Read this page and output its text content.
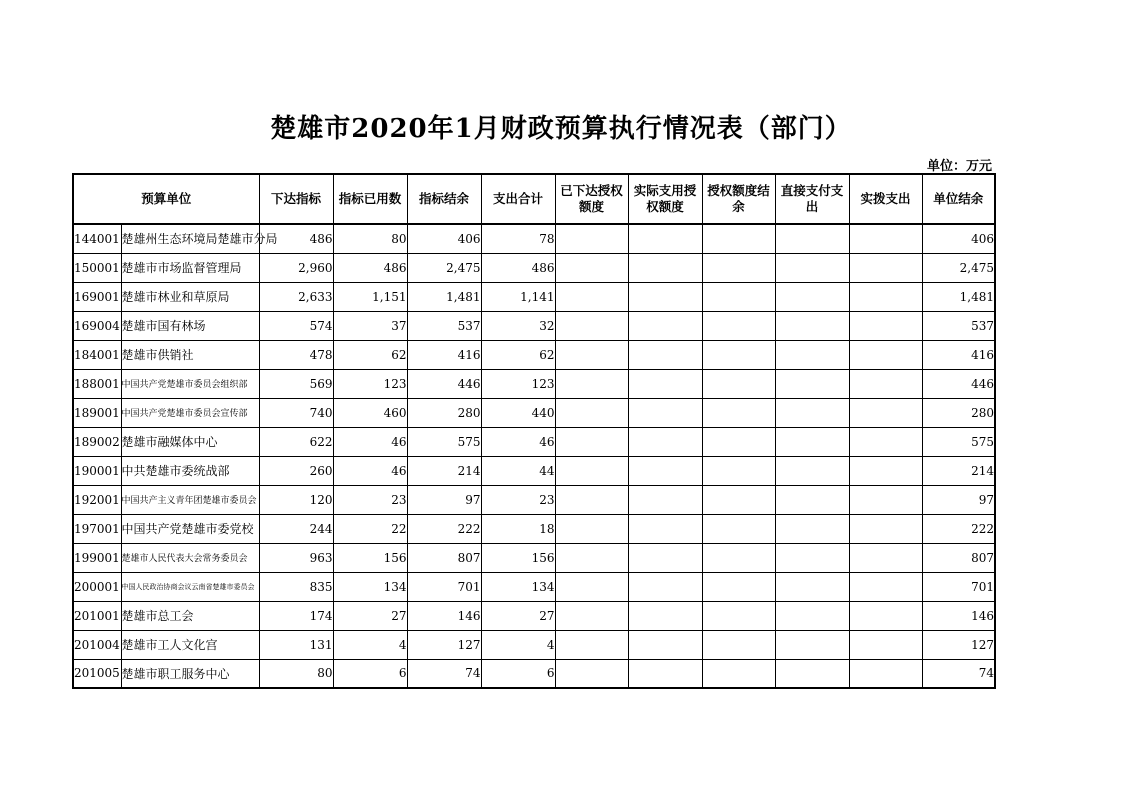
楚雄市2020年1月财政预算执行情况表（部门）
单位：万元
预算单位		下达指标	指标已用数	指标结余	支出合计	已下达授权额度	实际支用授权额度	授权额度结余	直接支付支出	实拨支出	单位结余
144001	楚雄州生态环境局楚雄市分局	486	80	406	78						406
150001	楚雄市市场监督管理局	2,960	486	2,475	486						2,475
169001	楚雄市林业和草原局	2,633	1,151	1,481	1,141						1,481
169004	楚雄市国有林场	574	37	537	32						537
184001	楚雄市供销社	478	62	416	62						416
188001	中国共产党楚雄市委员会组织部	569	123	446	123						446
189001	中国共产党楚雄市委员会宣传部	740	460	280	440						280
189002	楚雄市融媒体中心	622	46	575	46						575
190001	中共楚雄市委统战部	260	46	214	44						214
192001	中国共产主义青年团楚雄市委员会	120	23	97	23						97
197001	中国共产党楚雄市委党校	244	22	222	18						222
199001	楚雄市人民代表大会常务委员会	963	156	807	156						807
200001	中国人民政治协商会议云南省楚雄市委员会	835	134	701	134						701
201001	楚雄市总工会	174	27	146	27						146
201004	楚雄市工人文化宫	131	4	127	4						127
201005	楚雄市职工服务中心	80	6	74	6						74
